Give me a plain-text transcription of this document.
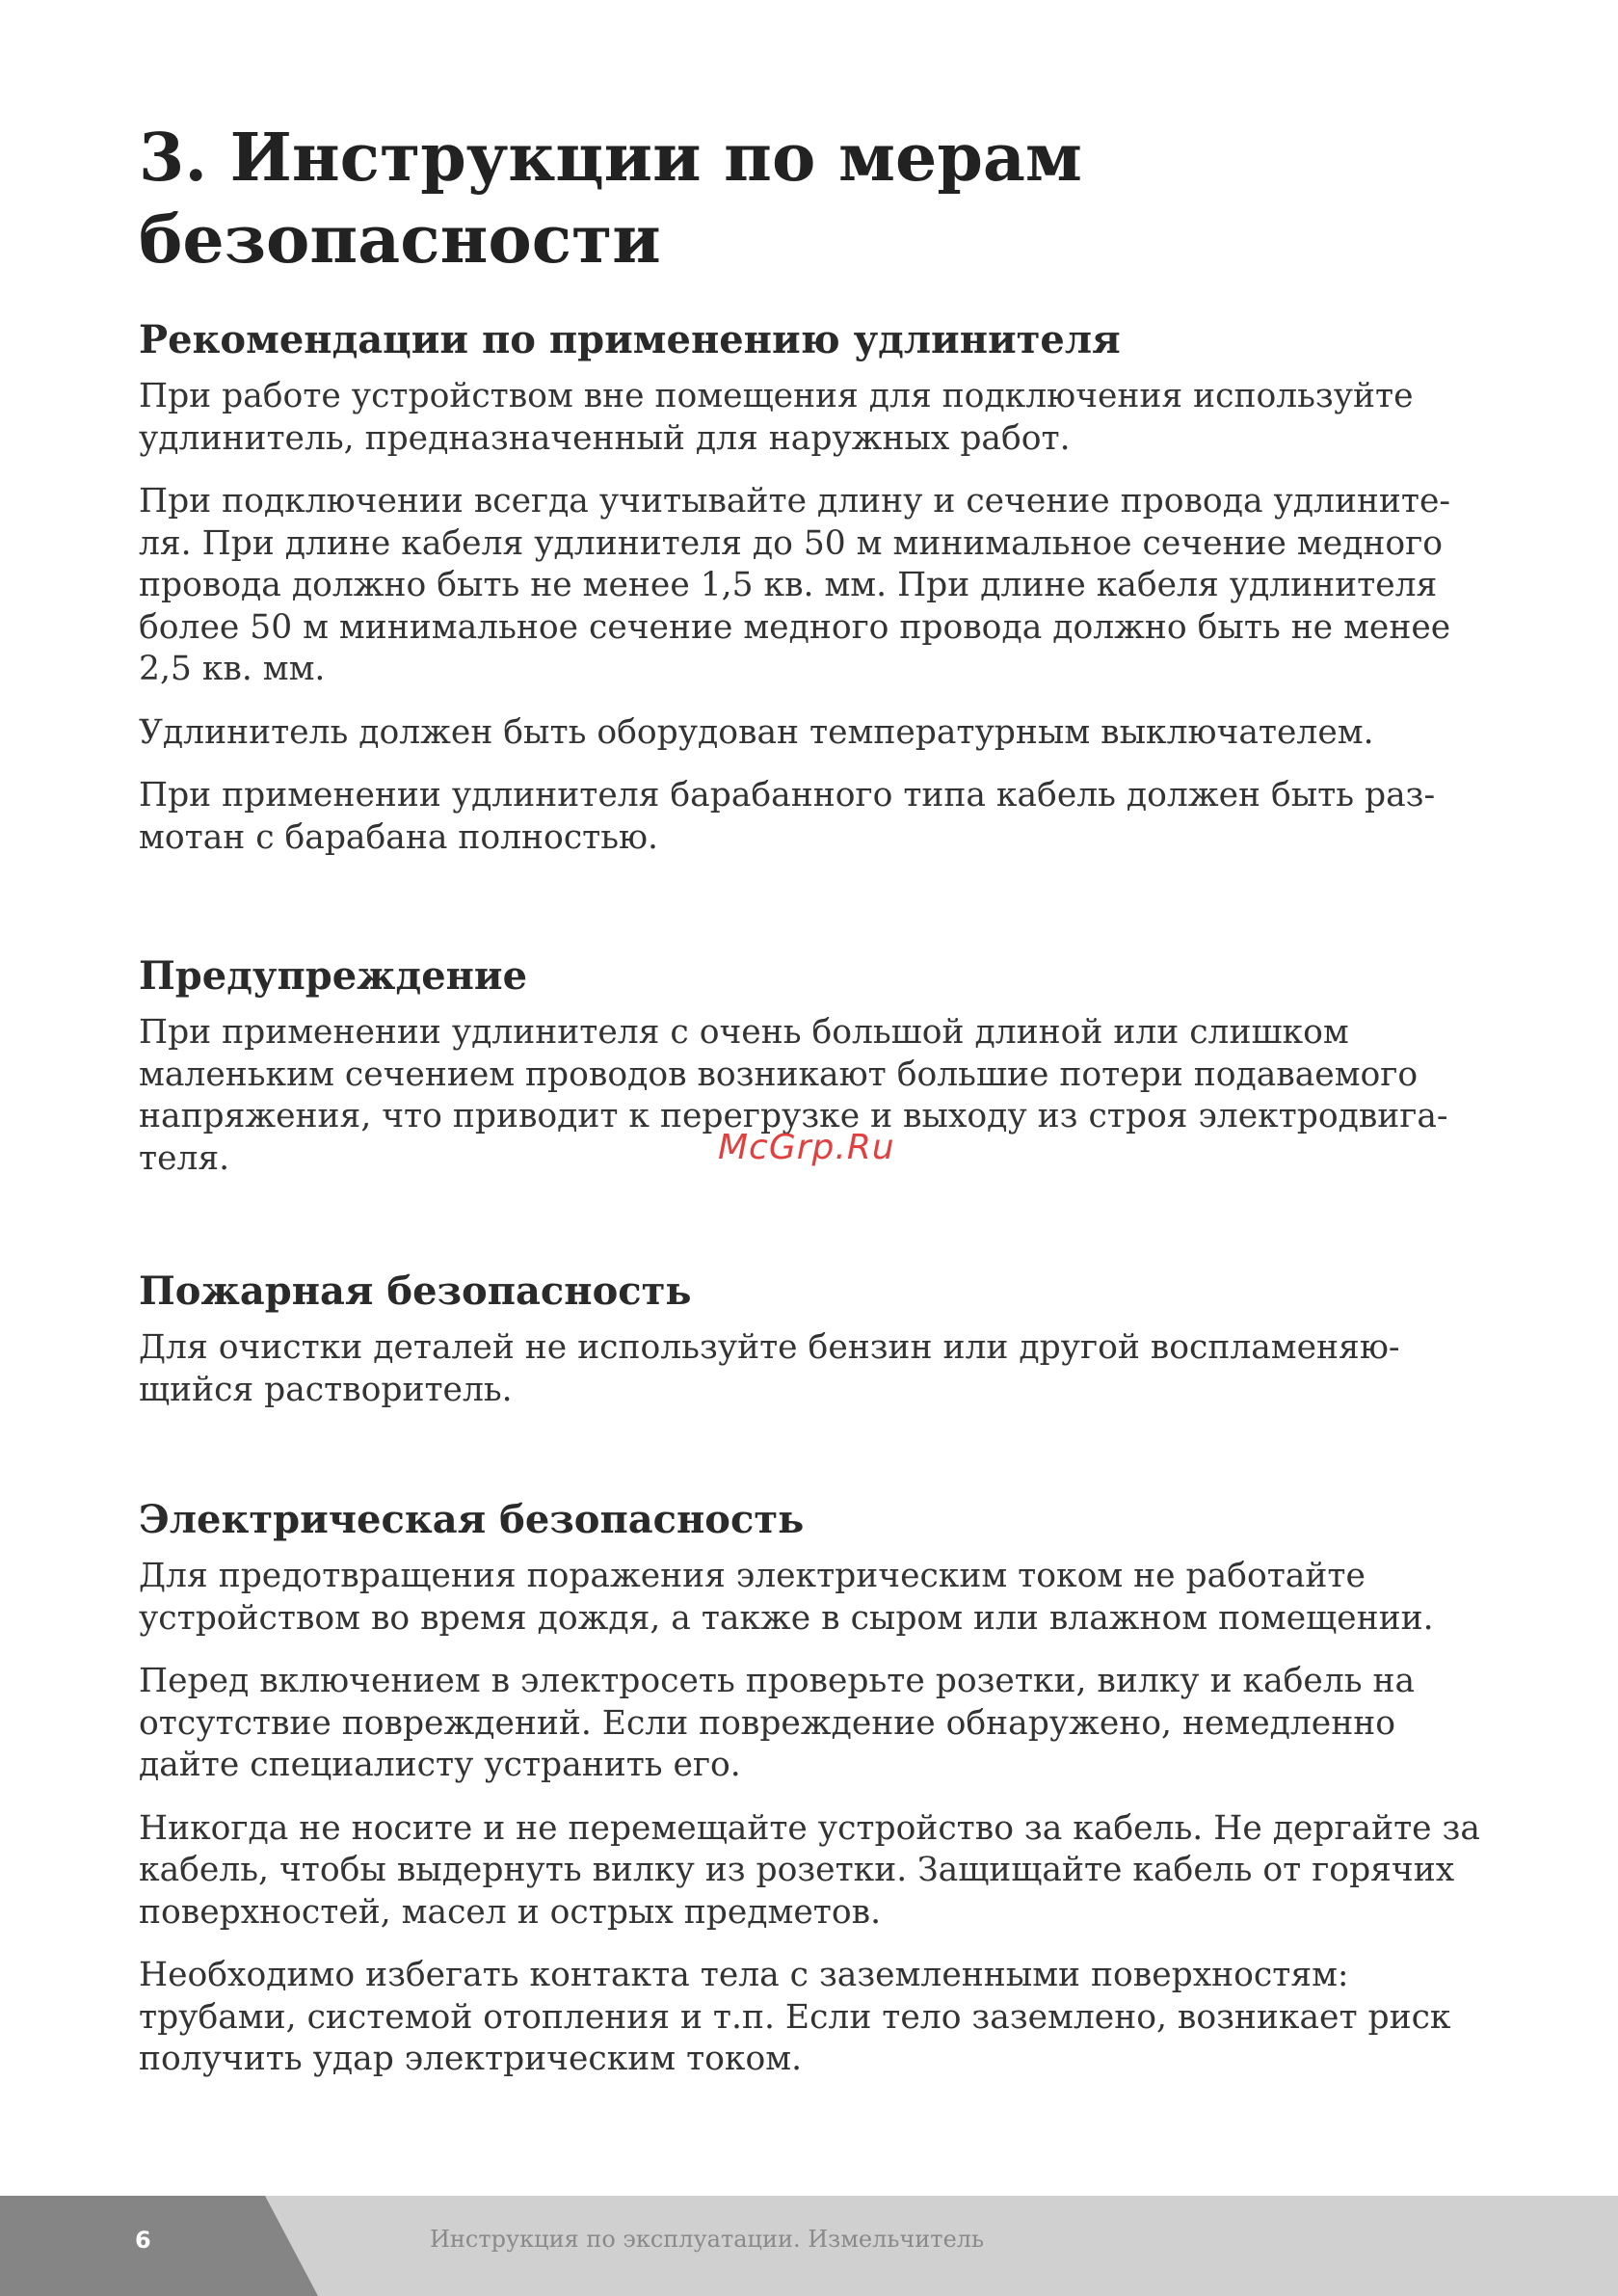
3. Инструкции по мерам безопасности
Рекомендации по применению удлинителя

При работе устройством вне помещения для подключения используйте удлинитель, предназначенный для наружных работ.

При подключении всегда учитывайте длину и сечение провода удлините-ля. При длине кабеля удлинителя до 50 м минимальное сечение медного провода должно быть не менее 1,5 кв. мм. При длине кабеля удлинителя более 50 м минимальное сечение медного провода должно быть не менее 2,5 кв. мм.

Удлинитель должен быть оборудован температурным выключателем.

При применении удлинителя барабанного типа кабель должен быть раз-мотан с барабана полностью.

Предупреждение

При применении удлинителя с очень большой длиной или слишком маленьким сечением проводов возникают большие потери подаваемого напряжения, что приводит к перегрузке и выходу из строя электродвига-теля.

Пожарная безопасность

Для очистки деталей не используйте бензин или другой воспламеняю-щийся растворитель.

Электрическая безопасность

Для предотвращения поражения электрическим током не работайте устройством во время дождя, а также в сыром или влажном помещении.

Перед включением в электросеть проверьте розетки, вилку и кабель на отсутствие повреждений. Если повреждение обнаружено, немедленно дайте специалисту устранить его.

Никогда не носите и не перемещайте устройство за кабель. Не дергайте за кабель, чтобы выдернуть вилку из розетки. Защищайте кабель от горячих поверхностей, масел и острых предметов.

Необходимо избегать контакта тела с заземленными поверхностям: трубами, системой отопления и т.п. Если тело заземлено, возникает риск получить удар электрическим током.

McGrp.Ru
6	Инструкция по эксплуатации. Измельчитель
